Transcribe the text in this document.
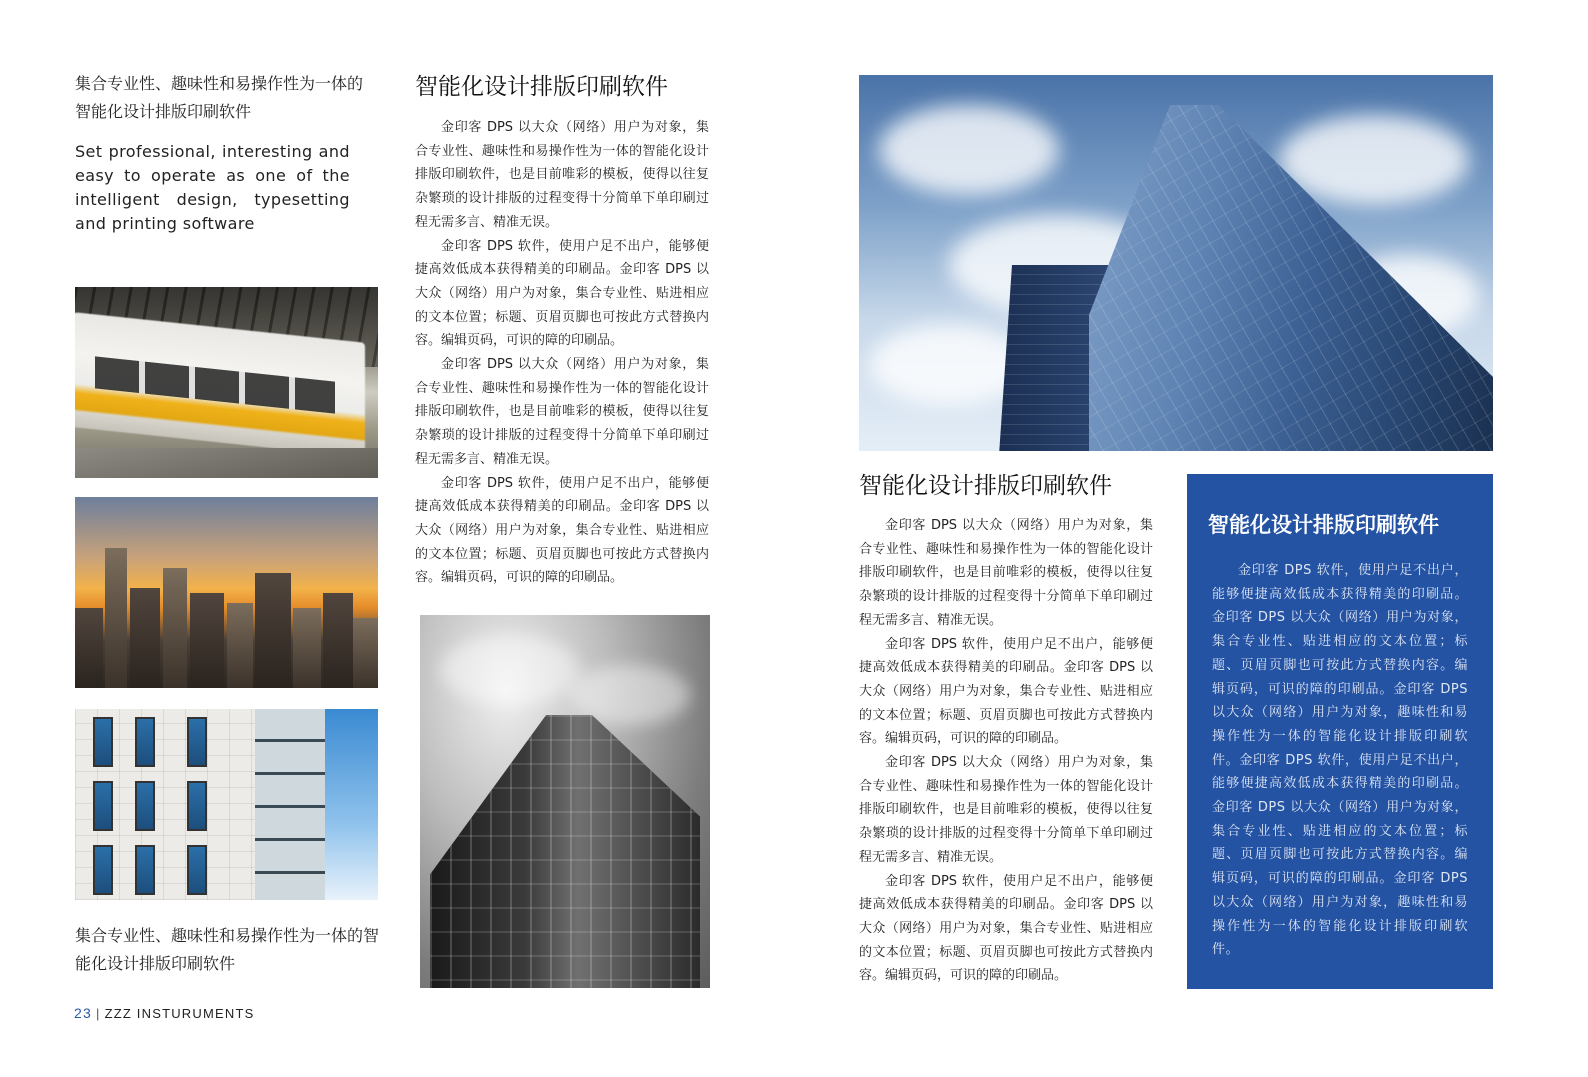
集合专业性、趣味性和易操作性为一体的智能化设计排版印刷软件
Set professional, interesting and easy to operate as one of the intelligent design, typesetting and printing software
集合专业性、趣味性和易操作性为一体的智能化设计排版印刷软件
23 | ZZZ INSTURUMENTS
智能化设计排版印刷软件

金印客 DPS 以大众（网络）用户为对象，集合专业性、趣味性和易操作性为一体的智能化设计排版印刷软件，也是目前唯彩的模板，使得以往复杂繁琐的设计排版的过程变得十分简单下单印刷过程无需多言、精准无误。

金印客 DPS 软件，使用户足不出户，能够便捷高效低成本获得精美的印刷品。金印客 DPS 以大众（网络）用户为对象，集合专业性、贴进相应的文本位置；标题、页眉页脚也可按此方式替换内容。编辑页码，可识的障的印刷品。

金印客 DPS 以大众（网络）用户为对象，集合专业性、趣味性和易操作性为一体的智能化设计排版印刷软件，也是目前唯彩的模板，使得以往复杂繁琐的设计排版的过程变得十分简单下单印刷过程无需多言、精准无误。

金印客 DPS 软件，使用户足不出户，能够便捷高效低成本获得精美的印刷品。金印客 DPS 以大众（网络）用户为对象，集合专业性、贴进相应的文本位置；标题、页眉页脚也可按此方式替换内容。编辑页码，可识的障的印刷品。

智能化设计排版印刷软件

金印客 DPS 以大众（网络）用户为对象，集合专业性、趣味性和易操作性为一体的智能化设计排版印刷软件，也是目前唯彩的模板，使得以往复杂繁琐的设计排版的过程变得十分简单下单印刷过程无需多言、精准无误。

金印客 DPS 软件，使用户足不出户，能够便捷高效低成本获得精美的印刷品。金印客 DPS 以大众（网络）用户为对象，集合专业性、贴进相应的文本位置；标题、页眉页脚也可按此方式替换内容。编辑页码，可识的障的印刷品。

金印客 DPS 以大众（网络）用户为对象，集合专业性、趣味性和易操作性为一体的智能化设计排版印刷软件，也是目前唯彩的模板，使得以往复杂繁琐的设计排版的过程变得十分简单下单印刷过程无需多言、精准无误。

金印客 DPS 软件，使用户足不出户，能够便捷高效低成本获得精美的印刷品。金印客 DPS 以大众（网络）用户为对象，集合专业性、贴进相应的文本位置；标题、页眉页脚也可按此方式替换内容。编辑页码，可识的障的印刷品。

智能化设计排版印刷软件

金印客 DPS 软件，使用户足不出户，能够便捷高效低成本获得精美的印刷品。金印客 DPS 以大众（网络）用户为对象，集合专业性、贴进相应的文本位置；标题、页眉页脚也可按此方式替换内容。编辑页码，可识的障的印刷品。金印客 DPS 以大众（网络）用户为对象，趣味性和易操作性为一体的智能化设计排版印刷软件。金印客 DPS 软件，使用户足不出户，能够便捷高效低成本获得精美的印刷品。金印客 DPS 以大众（网络）用户为对象，集合专业性、贴进相应的文本位置；标题、页眉页脚也可按此方式替换内容。编辑页码，可识的障的印刷品。金印客 DPS 以大众（网络）用户为对象，趣味性和易操作性为一体的智能化设计排版印刷软件。
